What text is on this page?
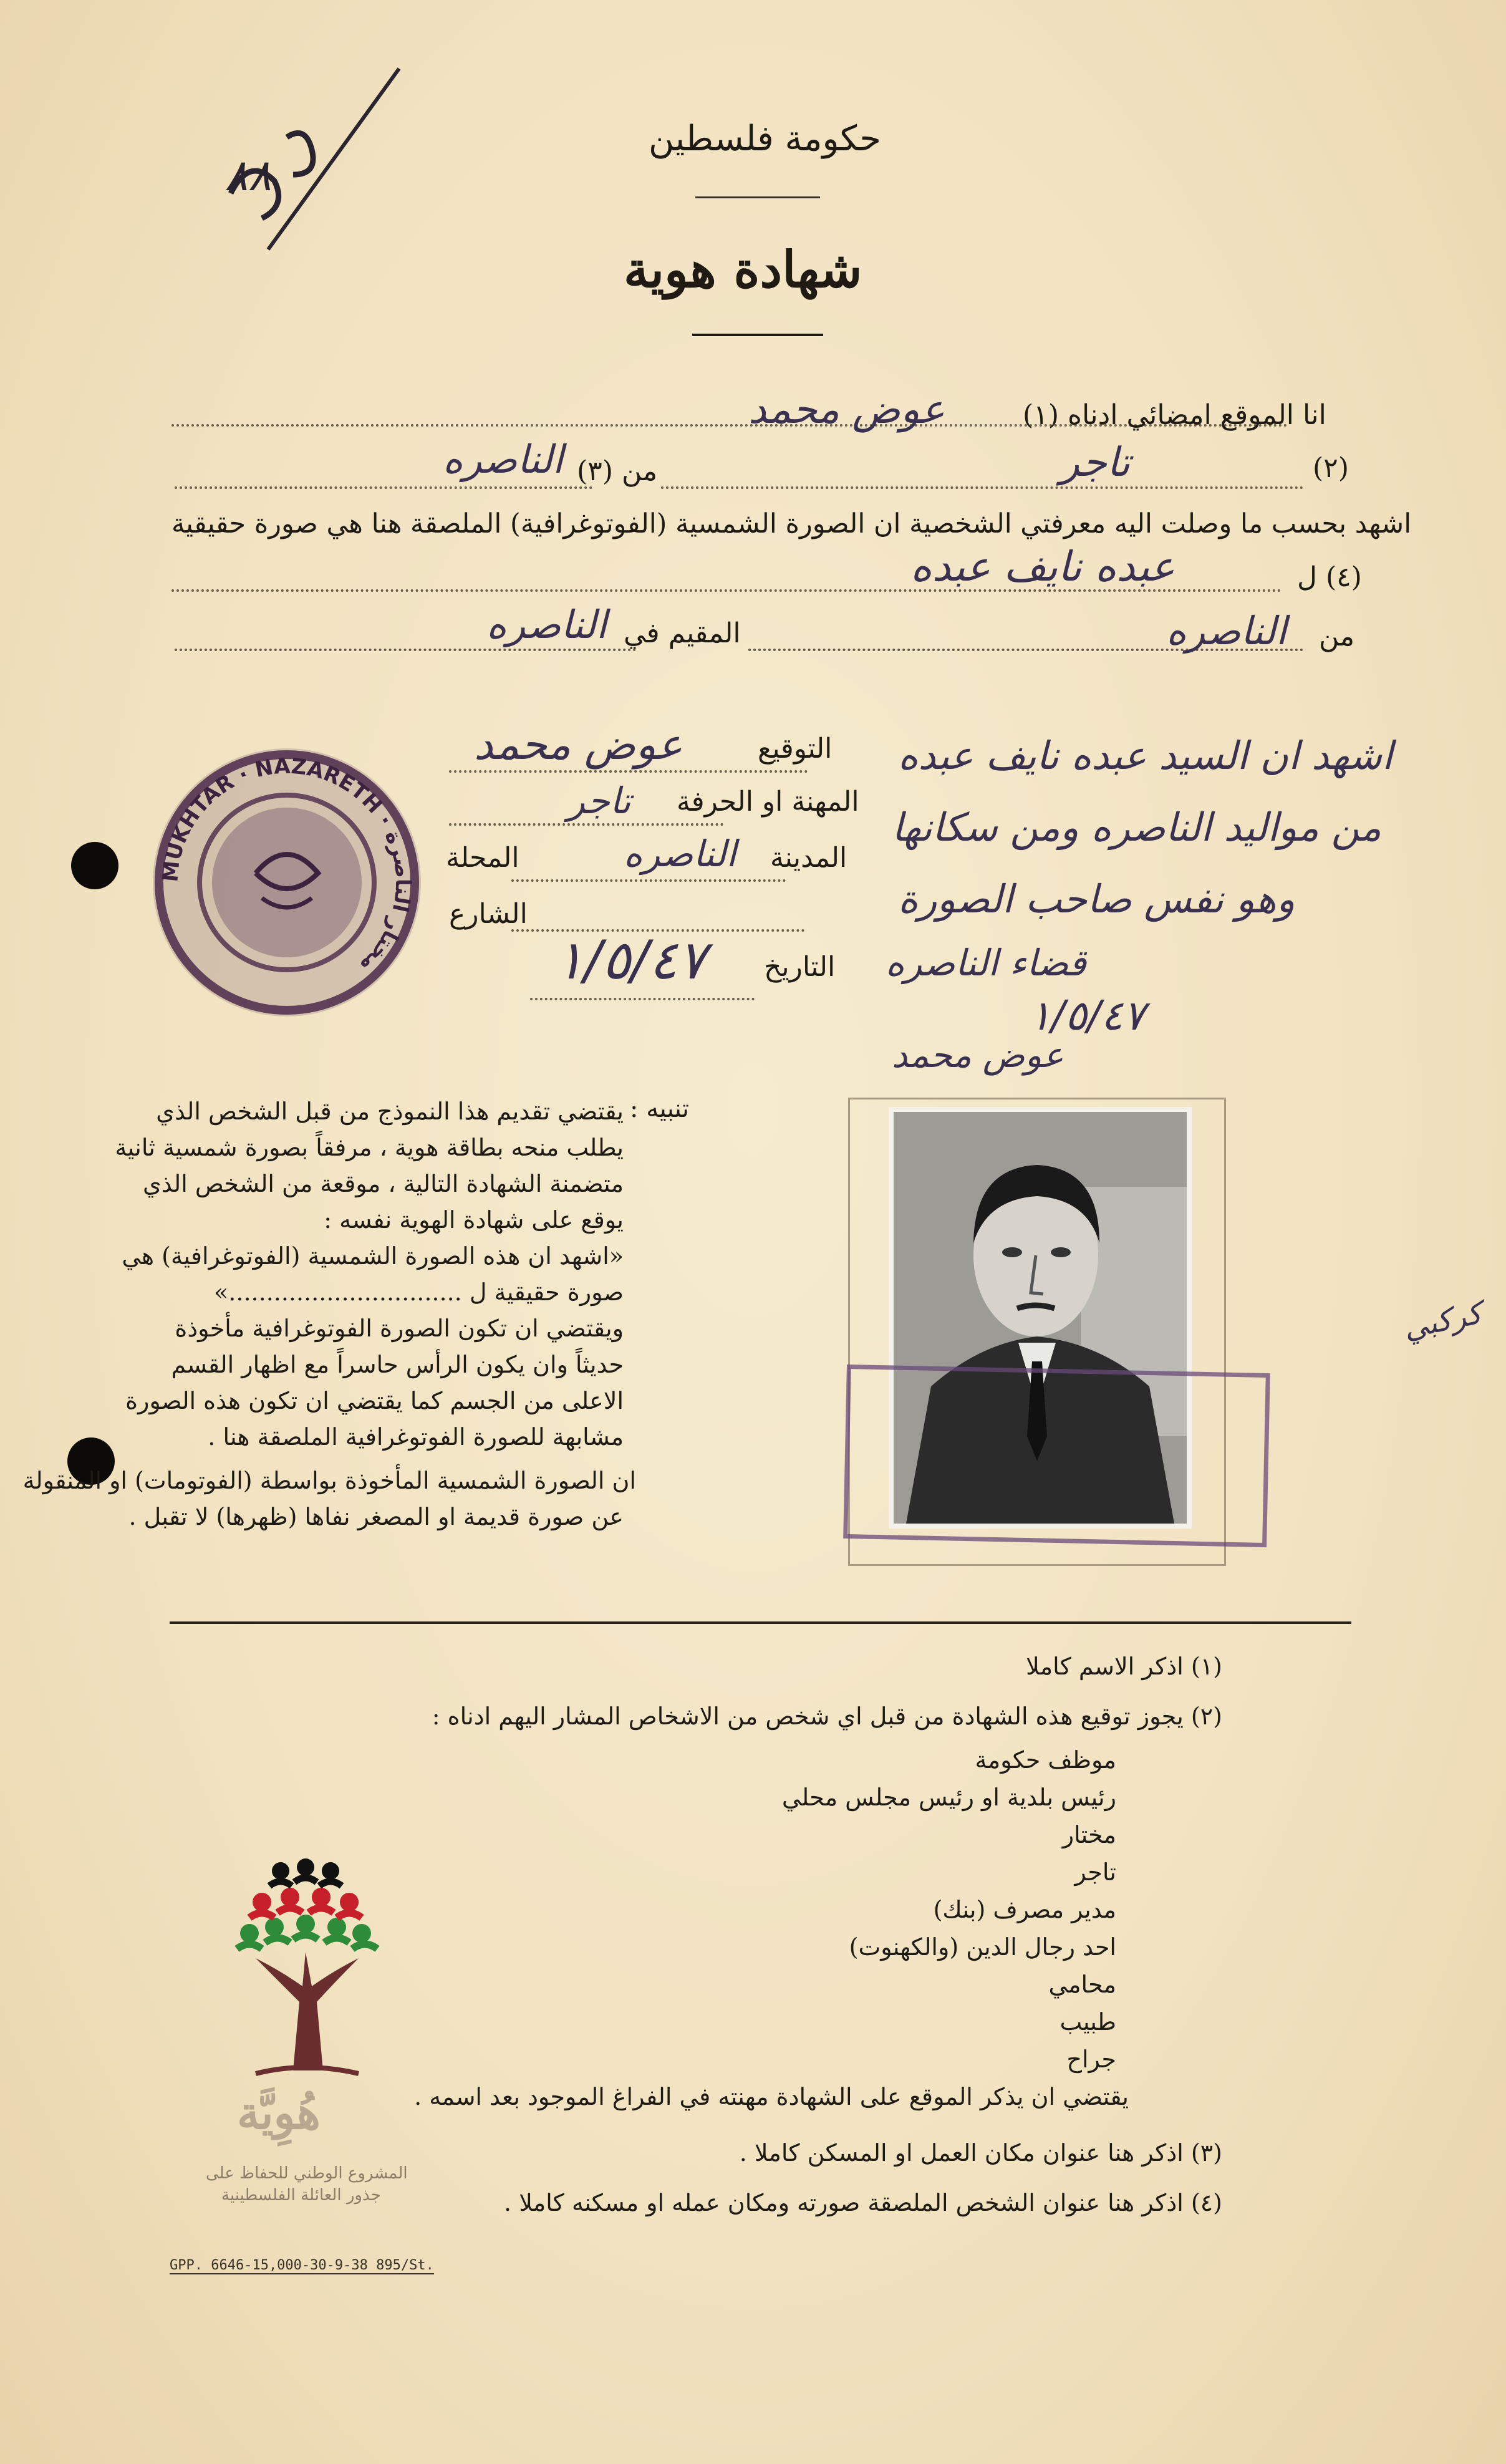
٨٨
حكومة فلسطين
شهادة هوية
انا الموقع امضائي ادناه (١)
عوض محمد
(٢)
تاجر
من (٣)
الناصره
اشهد بحسب ما وصلت اليه معرفتي الشخصية ان الصورة الشمسية (الفوتوغرافية) الملصقة هنا هي صورة حقيقية
(٤) ل
عبده نايف عبده
من
الناصره
المقيم في
الناصره
MUKHTAR · NAZARETH · مختار الناصرة
التوقيع
عوض محمد
المهنة او الحرفة
تاجر
المدينة
الناصره
المحلة
الشارع
التاريخ
١/٥/٤٧
اشهد ان السيد عبده نايف عبده
من مواليد الناصره ومن سكانها
وهو نفس صاحب الصورة
قضاء الناصره
١/٥/٤٧
عوض محمد
تنبيه :
يقتضي تقديم هذا النموذج من قبل الشخص الذي
يطلب منحه بطاقة هوية ، مرفقاً بصورة شمسية ثانية
متضمنة الشهادة التالية ، موقعة من الشخص الذي
يوقع على شهادة الهوية نفسه :
«اشهد ان هذه الصورة الشمسية (الفوتوغرافية) هي
صورة حقيقية ل ...............................»
ويقتضي ان تكون الصورة الفوتوغرافية مأخوذة
حديثاً وان يكون الرأس حاسراً مع اظهار القسم
الاعلى من الجسم كما يقتضي ان تكون هذه الصورة
مشابهة للصورة الفوتوغرافية الملصقة هنا .
ان الصورة الشمسية المأخوذة بواسطة (الفوتومات) او المنقولة
عن صورة قديمة او المصغر نفاها (ظهرها) لا تقبل .
كركبي
(١) اذكر الاسم كاملا
(٢) يجوز توقيع هذه الشهادة من قبل اي شخص من الاشخاص المشار اليهم ادناه :
موظف حكومة
رئيس بلدية او رئيس مجلس محلي
مختار
تاجر
مدير مصرف (بنك)
احد رجال الدين (والكهنوت)
محامي
طبيب
جراح
يقتضي ان يذكر الموقع على الشهادة مهنته في الفراغ الموجود بعد اسمه .
(٣) اذكر هنا عنوان مكان العمل او المسكن كاملا .
(٤) اذكر هنا عنوان الشخص الملصقة صورته ومكان عمله او مسكنه كاملا .
هُوِيَّة
المشروع الوطني للحفاظ على
جذور العائلة الفلسطينية
GPP. 6646-15,000-30-9-38 895/St.
